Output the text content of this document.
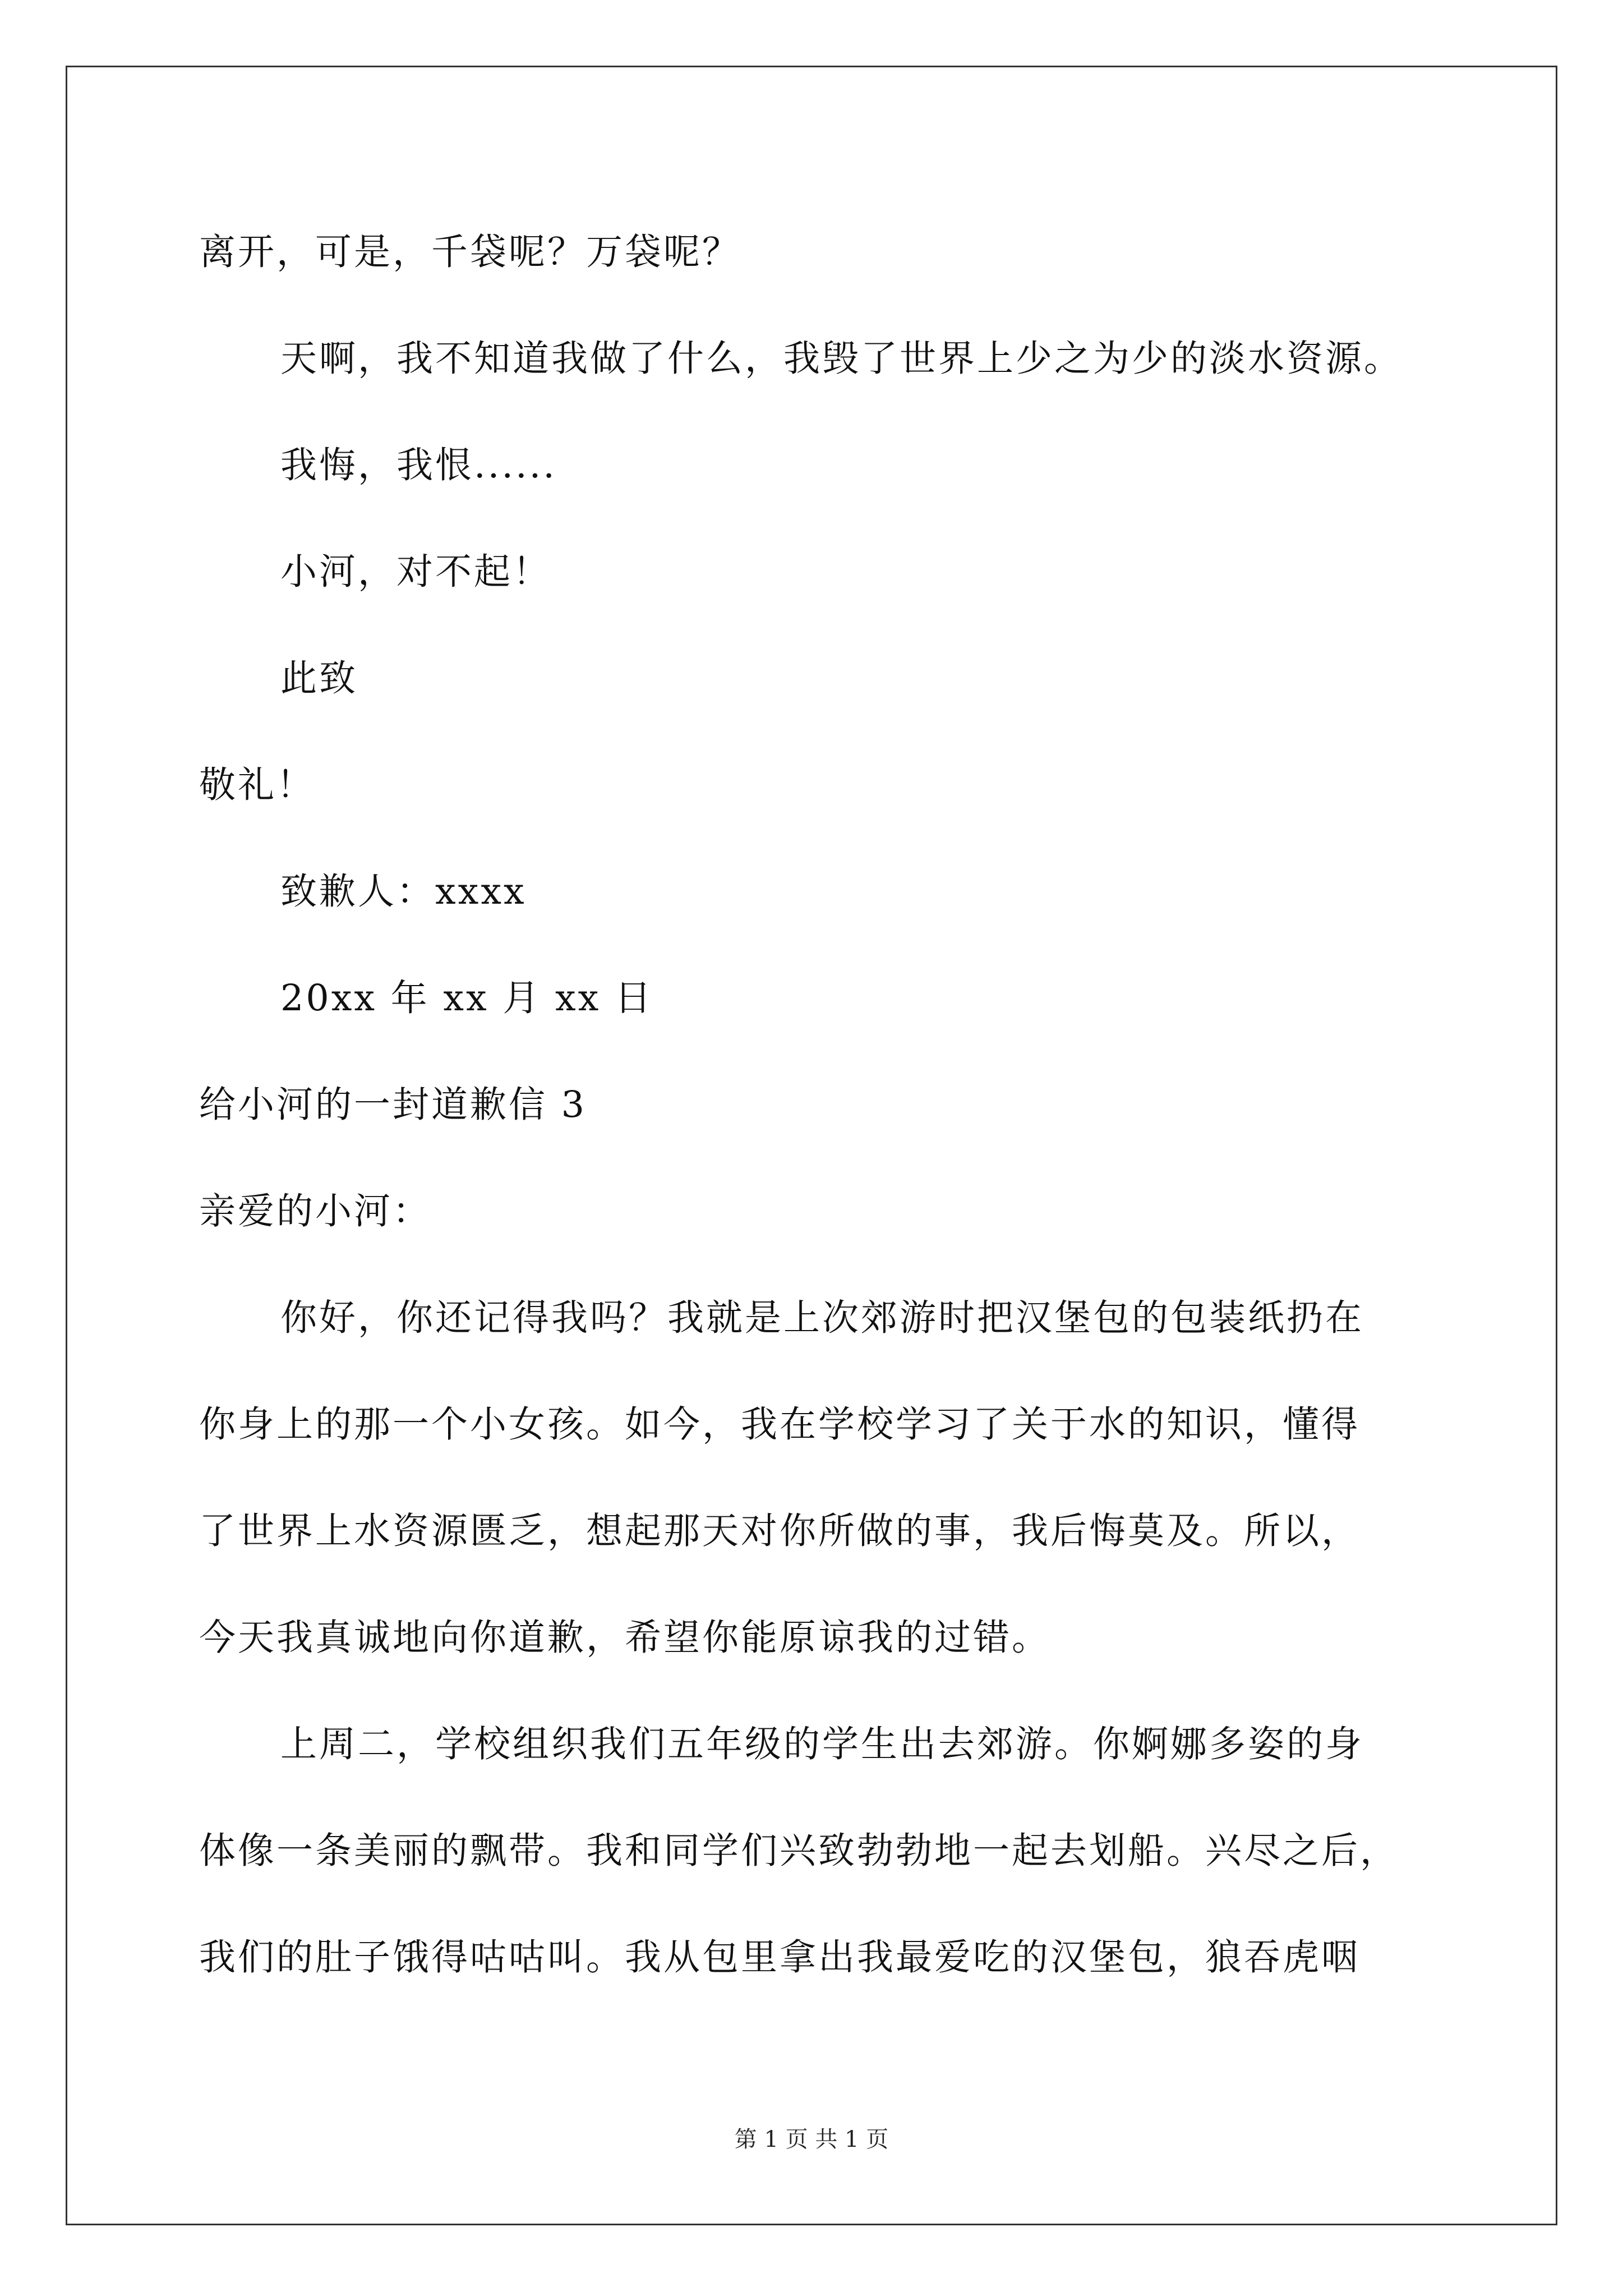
离开，可是，千袋呢？万袋呢？
天啊，我不知道我做了什么，我毁了世界上少之为少的淡水资源。
我悔，我恨......
小河，对不起！
此致
敬礼！
致歉人：xxxx
20xx 年 xx 月 xx 日
给小河的一封道歉信 3
亲爱的小河：
你好，你还记得我吗？我就是上次郊游时把汉堡包的包装纸扔在
你身上的那一个小女孩。如今，我在学校学习了关于水的知识，懂得
了世界上水资源匮乏，想起那天对你所做的事，我后悔莫及。所以，
今天我真诚地向你道歉，希望你能原谅我的过错。
上周二，学校组织我们五年级的学生出去郊游。你婀娜多姿的身
体像一条美丽的飘带。我和同学们兴致勃勃地一起去划船。兴尽之后，
我们的肚子饿得咕咕叫。我从包里拿出我最爱吃的汉堡包，狼吞虎咽
第 1 页 共 1 页
